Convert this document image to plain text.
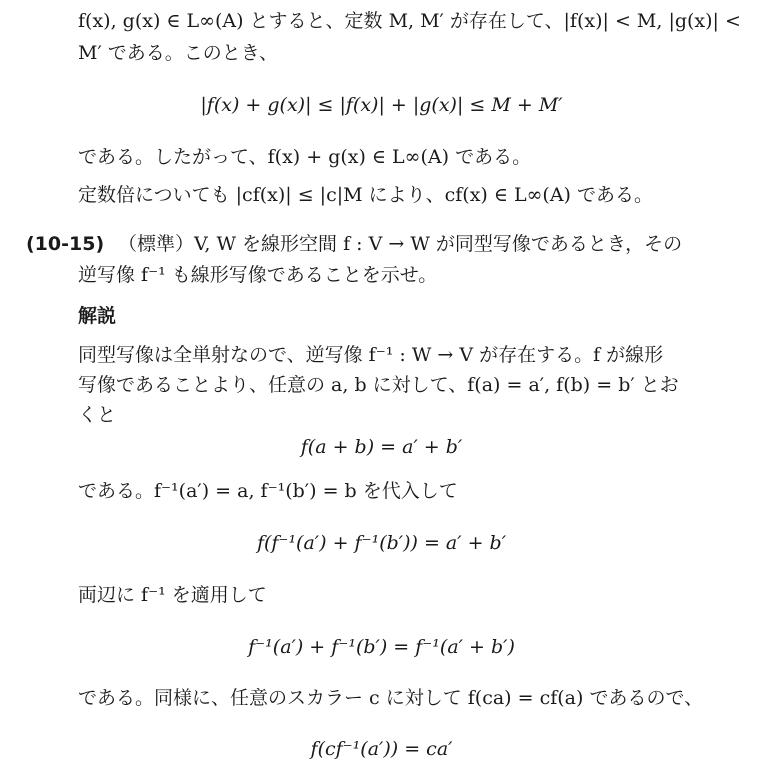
f(x), g(x) ∈ L∞(A) とすると、定数 M, M′ が存在して、|f(x)| < M, |g(x)| <
M′ である。このとき、
|f(x) + g(x)| ≤ |f(x)| + |g(x)| ≤ M + M′
である。したがって、f(x) + g(x) ∈ L∞(A) である。
定数倍についても |cf(x)| ≤ |c|M により、cf(x) ∈ L∞(A) である。
(10-15) （標準）V, W を線形空間 f : V → W が同型写像であるとき，その
逆写像 f⁻¹ も線形写像であることを示せ。
解説
同型写像は全単射なので、逆写像 f⁻¹ : W → V が存在する。f が線形
写像であることより、任意の a, b に対して、f(a) = a′, f(b) = b′ とお
くと
f(a + b) = a′ + b′
である。f⁻¹(a′) = a, f⁻¹(b′) = b を代入して
f(f⁻¹(a′) + f⁻¹(b′)) = a′ + b′
両辺に f⁻¹ を適用して
f⁻¹(a′) + f⁻¹(b′) = f⁻¹(a′ + b′)
である。同様に、任意のスカラー c に対して f(ca) = cf(a) であるので、
f(cf⁻¹(a′)) = ca′
